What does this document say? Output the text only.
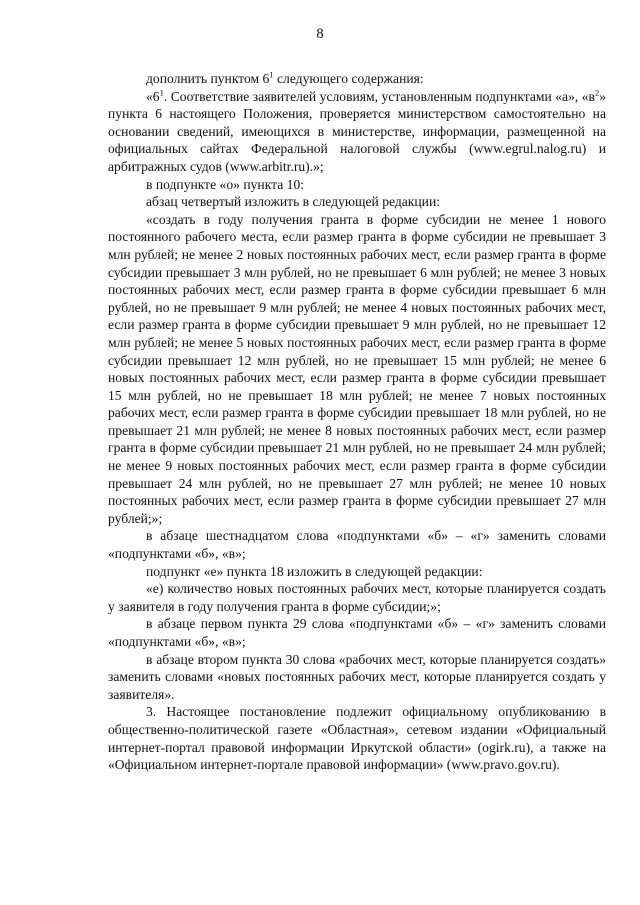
8

дополнить пунктом $6^1$ следующего содержания:

«$6^1$. Соответствие заявителей условиям, установленным подпунктами «а», «$в^2$» пункта 6 настоящего Положения, проверяется министерством самостоятельно на основании сведений, имеющихся в министерстве, информации, размещенной на официальных сайтах Федеральной налоговой службы (www.egrul.nalog.ru) и арбитражных судов (www.arbitr.ru).»;

в подпункте «о» пункта 10:

абзац четвертый изложить в следующей редакции:

«создать в году получения гранта в форме субсидии не менее 1 нового постоянного рабочего места, если размер гранта в форме субсидии не превышает 3 млн рублей; не менее 2 новых постоянных рабочих мест, если размер гранта в форме субсидии превышает 3 млн рублей, но не превышает 6 млн рублей; не менее 3 новых постоянных рабочих мест, если размер гранта в форме субсидии превышает 6 млн рублей, но не превышает 9 млн рублей; не менее 4 новых постоянных рабочих мест, если размер гранта в форме субсидии превышает 9 млн рублей, но не превышает 12 млн рублей; не менее 5 новых постоянных рабочих мест, если размер гранта в форме субсидии превышает 12 млн рублей, но не превышает 15 млн рублей; не менее 6 новых постоянных рабочих мест, если размер гранта в форме субсидии превышает 15 млн рублей, но не превышает 18 млн рублей; не менее 7 новых постоянных рабочих мест, если размер гранта в форме субсидии превышает 18 млн рублей, но не превышает 21 млн рублей; не менее 8 новых постоянных рабочих мест, если размер гранта в форме субсидии превышает 21 млн рублей, но не превышает 24 млн рублей; не менее 9 новых постоянных рабочих мест, если размер гранта в форме субсидии превышает 24 млн рублей, но не превышает 27 млн рублей; не менее 10 новых постоянных рабочих мест, если размер гранта в форме субсидии превышает 27 млн рублей;»;

в абзаце шестнадцатом слова «подпунктами «б» – «г» заменить словами «подпунктами «б», «в»;

подпункт «е» пункта 18 изложить в следующей редакции:

«е) количество новых постоянных рабочих мест, которые планируется создать у заявителя в году получения гранта в форме субсидии;»;

в абзаце первом пункта 29 слова «подпунктами «б» – «г» заменить словами «подпунктами «б», «в»;

в абзаце втором пункта 30 слова «рабочих мест, которые планируется создать» заменить словами «новых постоянных рабочих мест, которые планируется создать у заявителя».

3. Настоящее постановление подлежит официальному опубликованию в общественно-политической газете «Областная», сетевом издании «Официальный интернет-портал правовой информации Иркутской области» (ogirk.ru), а также на «Официальном интернет-портале правовой информации» (www.pravo.gov.ru).
